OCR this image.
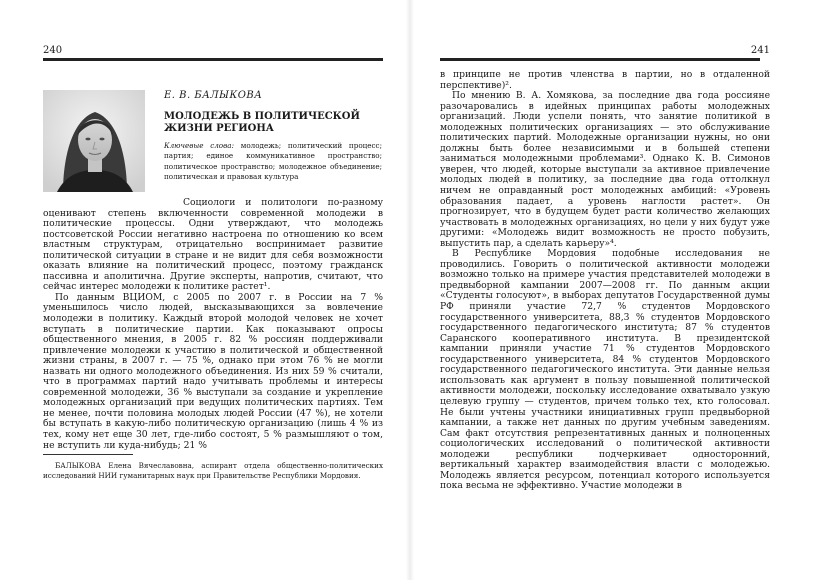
240
Е. В. БАЛЫКОВА
МОЛОДЕЖЬ В ПОЛИТИЧЕСКОЙ ЖИЗНИ РЕГИОНА

Ключевые слова: молодежь; политический процесс; партия; единое коммуникативное пространство; политическое пространство; молодежное объединение; политическая и правовая культура

Социологи и политологи по-разному оценивают степень включенности современной молодежи в политические процессы. Одни утверждают, что молодежь постсоветской России негативно настроена по отношению ко всем властным структурам, отрицательно воспринимает развитие политической ситуации в стране и не видит для себя возможности оказать влияние на политический процесс, поэтому гражданск пассивна и аполитична. Другие эксперты, напротив, считают, что сейчас интерес молодежи к политике растет¹.

По данным ВЦИОМ, с 2005 по 2007 г. в России на 7 % уменьшилось число людей, высказывающихся за вовлечение молодежи в политику. Каждый второй молодой человек не хочет вступать в политические партии. Как показывают опросы общественного мнения, в 2005 г. 82 % россиян поддерживали привлечение молодежи к участию в политической и общественной жизни страны, в 2007 г. — 75 %, однако при этом 76 % не могли назвать ни одного молодежного объединения. Из них 59 % считали, что в программах партий надо учитывать проблемы и интересы современной молодежи, 36 % выступали за создание и укрепление молодежных организаций при ведущих политических партиях. Тем не менее, почти половина молодых людей России (47 %), не хотели бы вступать в какую-либо политическую организацию (лишь 4 % из тех, кому нет еще 30 лет, где-либо состоят, 5 % размышляют о том, не вступить ли куда-нибудь; 21 %

БАЛЫКОВА Елена Вячеславовна, аспирант отдела общественно-политических исследований НИИ гуманитарных наук при Правительстве Республики Мордовия.

241

в принципе не против членства в партии, но в отдаленной перспективе)².

По мнению В. А. Хомякова, за последние два года россияне разочаровались в идейных принципах работы молодежных организаций. Люди успели понять, что занятие политикой в молодежных политических организациях — это обслуживание политических партий. Молодежные организации нужны, но они должны быть более независимыми и в большей степени заниматься молодежными проблемами³. Однако К. В. Симонов уверен, что людей, которые выступали за активное привлечение молодых людей в политику, за последние два года оттолкнул ничем не оправданный рост молодежных амбиций: «Уровень образования падает, а уровень наглости растет». Он прогнозирует, что в будущем будет расти количество желающих участвовать в молодежных организациях, но цели у них будут уже другими: «Молодежь видит возможность не просто побузить, выпустить пар, а сделать карьеру»⁴.

В Республике Мордовия подобные исследования не проводились. Говорить о политической активности молодежи возможно только на примере участия представителей молодежи в предвыборной кампании 2007—2008 гг. По данным акции «Студенты голосуют», в выборах депутатов Государственной думы РФ приняли участие 72,7 % студентов Мордовского государственного университета, 88,3 % студентов Мордовского государственного педагогического института; 87 % студентов Саранского кооперативного института. В президентской кампании приняли участие 71 % студентов Мордовского государственного университета, 84 % студентов Мордовского государственного педагогического института. Эти данные нельзя использовать как аргумент в пользу повышенной политической активности молодежи, поскольку исследование охватывало узкую целевую группу — студентов, причем только тех, кто голосовал. Не были учтены участники инициативных групп предвыборной кампании, а также нет данных по другим учебным заведениям. Сам факт отсутствия репрезентативных данных и полноценных социологических исследований о политической активности молодежи республики подчеркивает односторонний, вертикальный характер взаимодействия власти с молодежью. Молодежь является ресурсом, потенциал которого используется пока весьма не эффективно. Участие молодежи в
